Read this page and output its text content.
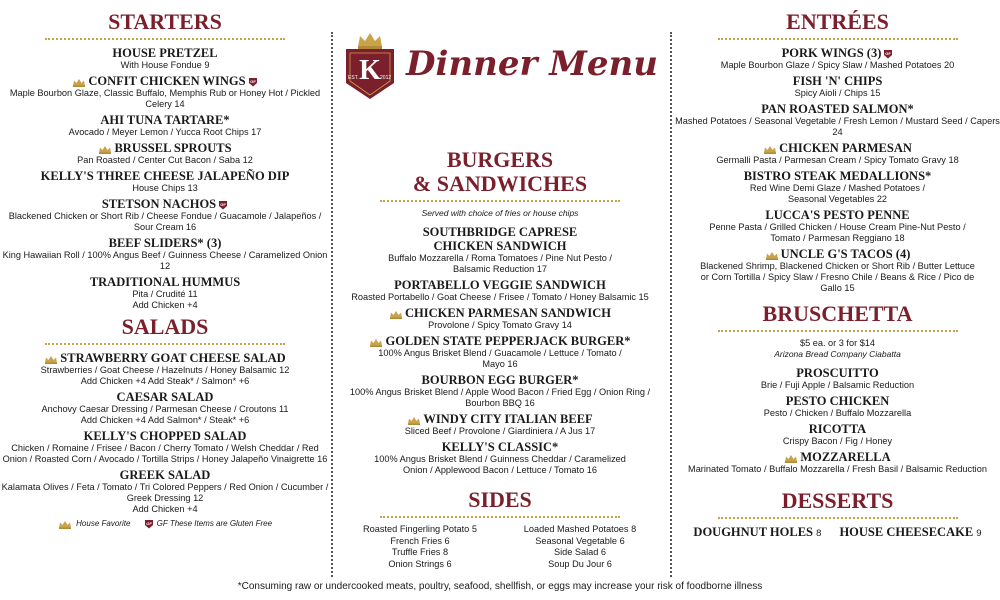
STARTERS
HOUSE PRETZEL
With House Fondue 9
CONFIT CHICKEN WINGS
Maple Bourbon Glaze, Classic Buffalo, Memphis Rub or Honey Hot / Pickled Celery 14
AHI TUNA TARTARE*
Avocado / Meyer Lemon / Yucca Root Chips 17
BRUSSEL SPROUTS
Pan Roasted / Center Cut Bacon / Saba 12
KELLY'S THREE CHEESE JALAPEÑO DIP
House Chips 13
STETSON NACHOS
Blackened Chicken or Short Rib / Cheese Fondue / Guacamole / Jalapeños / Sour Cream 16
BEEF SLIDERS* (3)
King Hawaiian Roll / 100% Angus Beef / Guinness Cheese / Caramelized Onion 12
TRADITIONAL HUMMUS
Pita / Crudité 11
Add Chicken +4
SALADS
STRAWBERRY GOAT CHEESE SALAD
Strawberries / Goat Cheese / Hazelnuts / Honey Balsamic 12
Add Chicken +4 Add Steak* / Salmon* +6
CAESAR SALAD
Anchovy Caesar Dressing / Parmesan Cheese / Croutons 11
Add Chicken +4 Add Salmon* / Steak* +6
KELLY'S CHOPPED SALAD
Chicken / Romaine / Frisee / Bacon / Cherry Tomato / Welsh Cheddar / Red Onion / Roasted Corn / Avocado / Tortilla Strips / Honey Jalapeño Vinaigrette 16
GREEK SALAD
Kalamata Olives / Feta / Tomato / Tri Colored Peppers / Red Onion / Cucumber / Greek Dressing 12
Add Chicken +4
House Favorite	GF These Items are Gluten Free
K
EST.	2012 Dinner Menu
BURGERS
& SANDWICHES
Served with choice of fries or house chips
SOUTHBRIDGE CAPRESE
CHICKEN SANDWICH
Buffalo Mozzarella / Roma Tomatoes / Pine Nut Pesto / Balsamic Reduction 17
PORTABELLO VEGGIE SANDWICH
Roasted Portabello / Goat Cheese / Frisee / Tomato / Honey Balsamic 15
CHICKEN PARMESAN SANDWICH
Provolone / Spicy Tomato Gravy 14
GOLDEN STATE PEPPERJACK BURGER*
100% Angus Brisket Blend / Guacamole / Lettuce / Tomato / Mayo 16
BOURBON EGG BURGER*
100% Angus Brisket Blend / Apple Wood Bacon / Fried Egg / Onion Ring / Bourbon BBQ 16
WINDY CITY ITALIAN BEEF
Sliced Beef / Provolone / Giardiniera / A Jus 17
KELLY'S CLASSIC*
100% Angus Brisket Blend / Guinness Cheddar / Caramelized Onion / Applewood Bacon / Lettuce / Tomato 16
SIDES
Roasted Fingerling Potato 5
French Fries 6
Truffle Fries 8
Onion Strings 6
Loaded Mashed Potatoes 8
Seasonal Vegetable 6
Side Salad 6
Soup Du Jour 6
ENTRÉES
PORK WINGS (3)
Maple Bourbon Glaze / Spicy Slaw / Mashed Potatoes 20
FISH 'N' CHIPS
Spicy Aioli / Chips 15
PAN ROASTED SALMON*
Mashed Potatoes / Seasonal Vegetable / Fresh Lemon / Mustard Seed / Capers 24
CHICKEN PARMESAN
Germalli Pasta / Parmesan Cream / Spicy Tomato Gravy 18
BISTRO STEAK MEDALLIONS*
Red Wine Demi Glaze / Mashed Potatoes / Seasonal Vegetables 22
LUCCA'S PESTO PENNE
Penne Pasta / Grilled Chicken / House Cream Pine-Nut Pesto / Tomato / Parmesan Reggiano 18
UNCLE G'S TACOS (4)
Blackened Shrimp, Blackened Chicken or Short Rib / Butter Lettuce or Corn Tortilla / Spicy Slaw / Fresno Chile / Beans & Rice / Pico de Gallo 15
BRUSCHETTA
$5 ea. or 3 for $14
Arizona Bread Company Ciabatta
PROSCUITTO
Brie / Fuji Apple / Balsamic Reduction
PESTO CHICKEN
Pesto / Chicken / Buffalo Mozzarella
RICOTTA
Crispy Bacon / Fig / Honey
MOZZARELLA
Marinated Tomato / Buffalo Mozzarella / Fresh Basil / Balsamic Reduction
DESSERTS
DOUGHNUT HOLES 8 HOUSE CHEESECAKE 9
*Consuming raw or undercooked meats, poultry, seafood, shellfish, or eggs may increase your risk of foodborne illness
